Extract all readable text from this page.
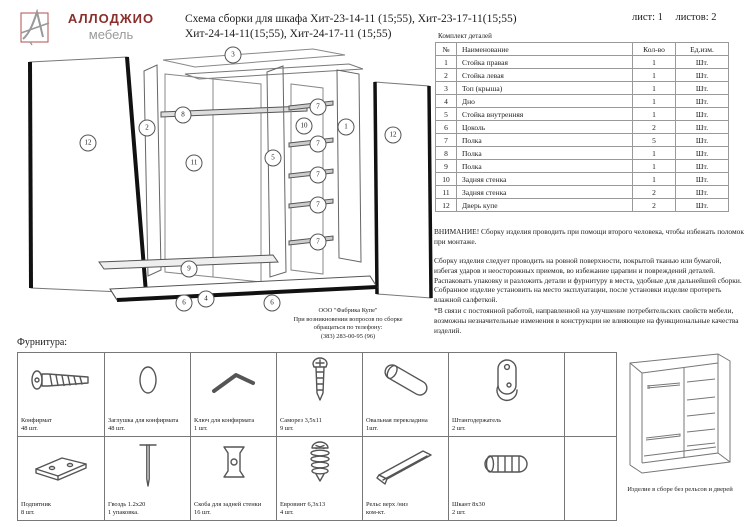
АЛЛОДЖИО
мебель
Схема сборки для шкафа Хит-23-14-11 (15;55), Хит-23-17-11(15;55)
Хит-24-14-11(15;55), Хит-24-17-11 (15;55)
лист: 1 листов: 2
12
2
8
11
3
5
10
7
7
7
7
7
1
12
9
6	4	6
Комплект деталей
№	Наименование	Кол-во	Ед.изм.
1	Стойка правая	1	Шт.
2	Стойка левая	1	Шт.
3	Топ (крыша)	1	Шт.
4	Дно	1	Шт.
5	Стойка внутренняя	1	Шт.
6	Цоколь	2	Шт.
7	Полка	5	Шт.
8	Полка	1	Шт.
9	Полка	1	Шт.
10	Задняя стенка	1	Шт.
11	Задняя стенка	2	Шт.
12	Дверь купе	2	Шт.
ВНИМАНИЕ! Сборку изделия проводить при помощи второго человека, чтобы избежать поломок при монтаже.
Сборку изделия следует проводить на ровной поверхности, покрытой тканью или бумагой, избегая ударов и неосторожных приемов, во избежание царапин и повреждений деталей.
Распаковать упаковку и разложить детали и фурнитуру в места, удобные для дальнейшей сборки.
Собранное изделие установить на место эксплуатации, после установки изделие протереть влажной салфеткой.
*В связи с постоянной работой, направленной на улучшение потребительских свойств мебели, возможны незначительные изменения в конструкции не влияющие на функциональные качества изделий.
ООО "Фабрика Купе"
При возникновении вопросов по сборке
обращаться по телефону:
(383) 283-00-95 (96)
Фурнитура:
Конфирмат
48 шт.
Заглушка для конфирмата
48 шт.
Ключ для конфирмата
1 шт.
Саморез 3,5х11
9 шт.
Овальная перекладина
1шт.
Штангодержатель
2 шт.
Подпятник
8 шт.
Гвоздь 1.2х20
1 упаковка.
Скоба для задней стенки
16 шт.
Евровинт 6,3х13
4 шт.
Рельс верх /низ
ком-кт.
Шкант 8х30
2 шт.
Изделие в сборе без рельсов и дверей
